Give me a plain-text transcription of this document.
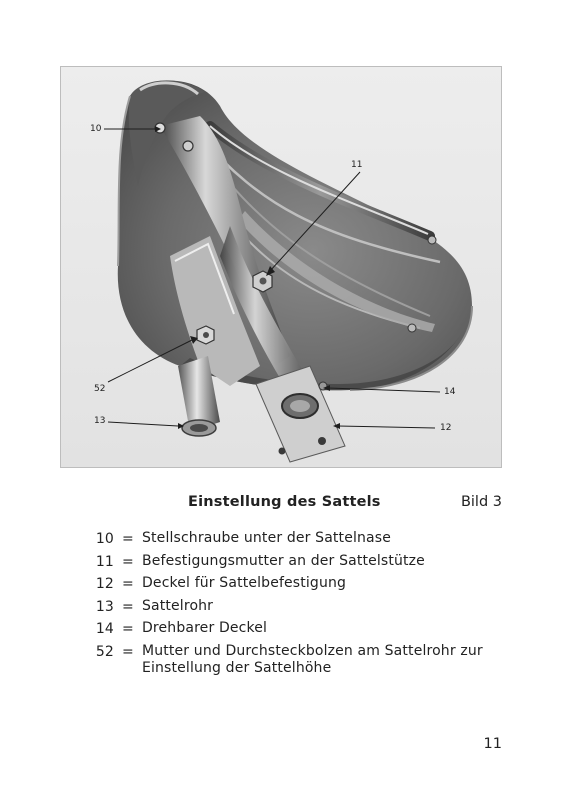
10
11
52
13
14
12
Einstellung des Sattels	Bild 3
10 = Stellschraube unter der Sattelnase
11 = Befestigungsmutter an der Sattelstütze
12 = Deckel für Sattelbefestigung
13 = Sattelrohr
14 = Drehbarer Deckel
52 = Mutter und Durchsteckbolzen am Sattelrohr zur Einstellung der Sattelhöhe
11
